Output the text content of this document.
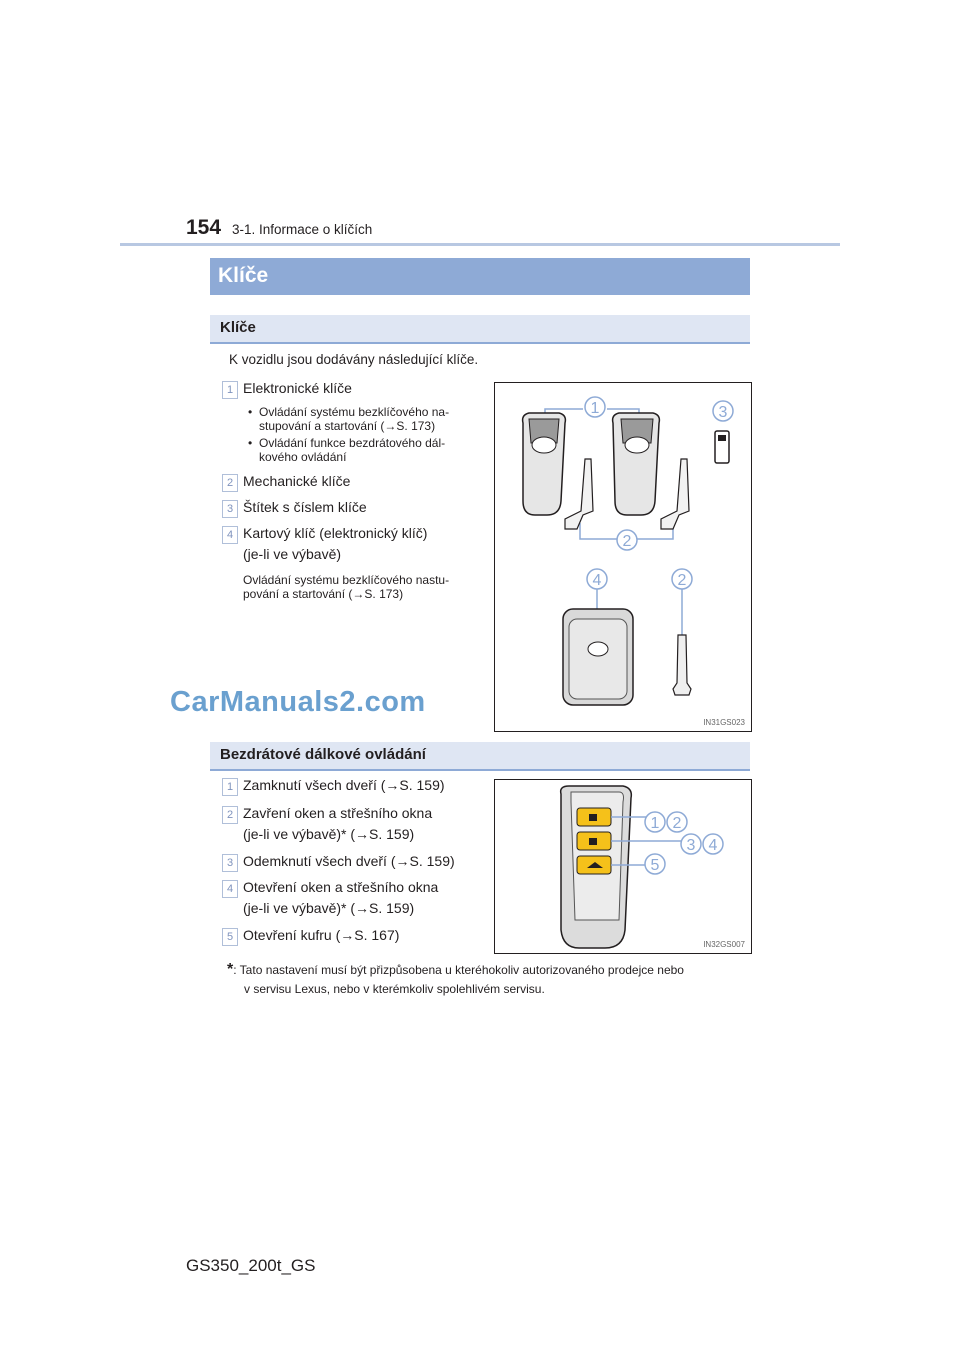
154 3-1. Informace o klíčích
Klíče
Klíče
K vozidlu jsou dodávány následující klíče.
1 Elektronické klíče
• Ovládání systému bezklíčového na-
stupování a startování (→S. 173)
• Ovládání funkce bezdrátového dál-
kového ovládání
2 Mechanické klíče
3 Štítek s číslem klíče
4 Kartový klíč (elektronický klíč)
(je-li ve výbavě)
Ovládání systému bezklíčového nastu-
pování a startování (→S. 173)
1	3
2
4	2
IN31GS023
CarManuals2.com
Bezdrátové dálkové ovládání
1 Zamknutí všech dveří (→S. 159)
2 Zavření oken a střešního okna
(je-li ve výbavě)* (→S. 159)
3 Odemknutí všech dveří (→S. 159)
4 Otevření oken a střešního okna
(je-li ve výbavě)* (→S. 159)
5 Otevření kufru (→S. 167)
1 2
3 4
5
IN32GS007
*: Tato nastavení musí být přizpůsobena u kteréhokoliv autorizovaného prodejce nebo
v servisu Lexus, nebo v kterémkoliv spolehlivém servisu.
GS350_200t_GS
